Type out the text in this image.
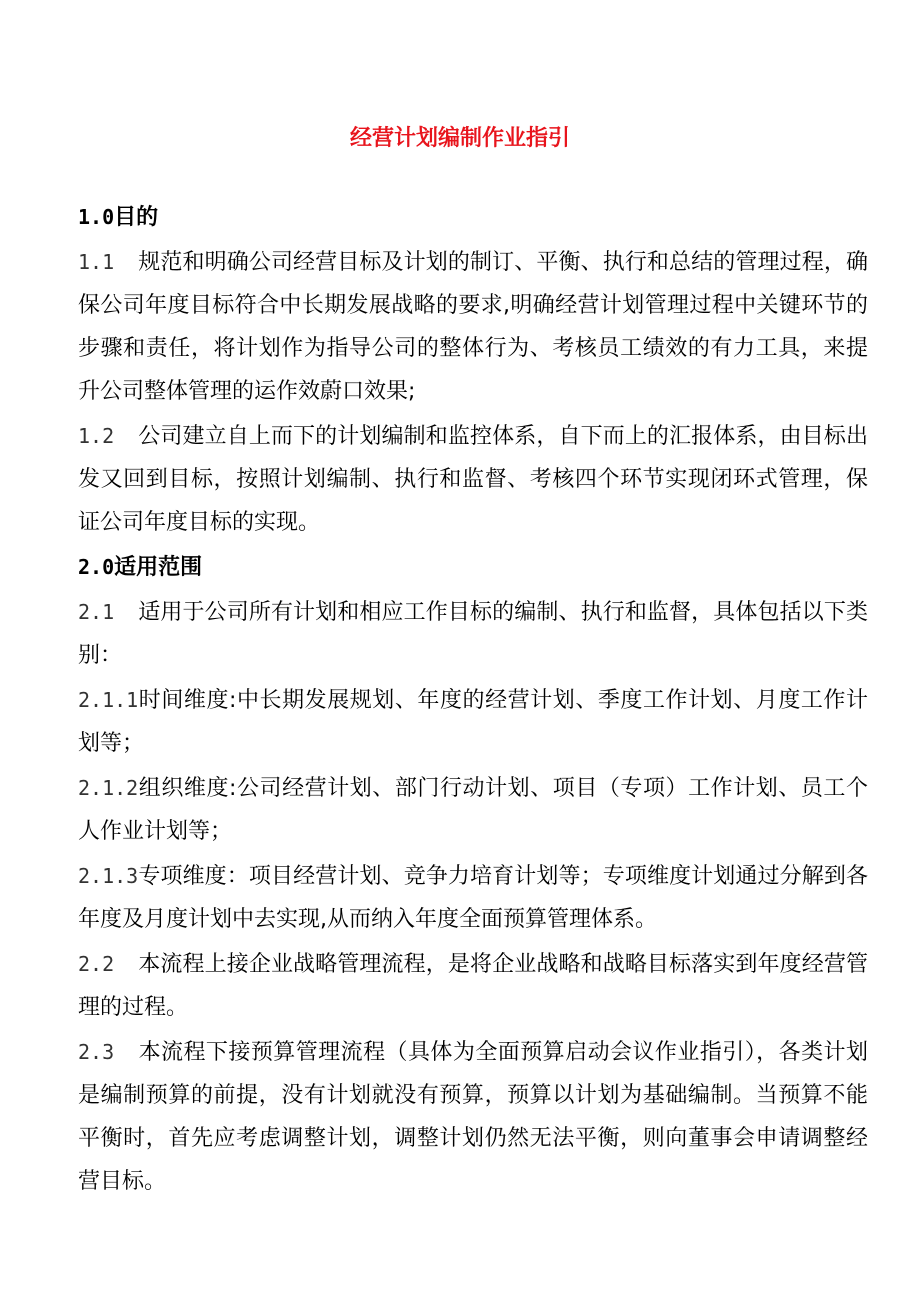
经营计划编制作业指引
1.0目的
1.1 规范和明确公司经营目标及计划的制订、平衡、执行和总结的管理过程，确保公司年度目标符合中长期发展战略的要求,明确经营计划管理过程中关键环节的步骤和责任，将计划作为指导公司的整体行为、考核员工绩效的有力工具，来提升公司整体管理的运作效蔚口效果;
1.2 公司建立自上而下的计划编制和监控体系，自下而上的汇报体系，由目标出发又回到目标，按照计划编制、执行和监督、考核四个环节实现闭环式管理，保证公司年度目标的实现。
2.0适用范围
2.1 适用于公司所有计划和相应工作目标的编制、执行和监督，具体包括以下类别：
2.1.1时间维度:中长期发展规划、年度的经营计划、季度工作计划、月度工作计划等；
2.1.2组织维度:公司经营计划、部门行动计划、项目（专项）工作计划、员工个人作业计划等；
2.1.3专项维度：项目经营计划、竞争力培育计划等；专项维度计划通过分解到各年度及月度计划中去实现,从而纳入年度全面预算管理体系。
2.2 本流程上接企业战略管理流程，是将企业战略和战略目标落实到年度经营管理的过程。
2.3 本流程下接预算管理流程（具体为全面预算启动会议作业指引），各类计划是编制预算的前提，没有计划就没有预算，预算以计划为基础编制。当预算不能平衡时，首先应考虑调整计划，调整计划仍然无法平衡，则向董事会申请调整经营目标。
